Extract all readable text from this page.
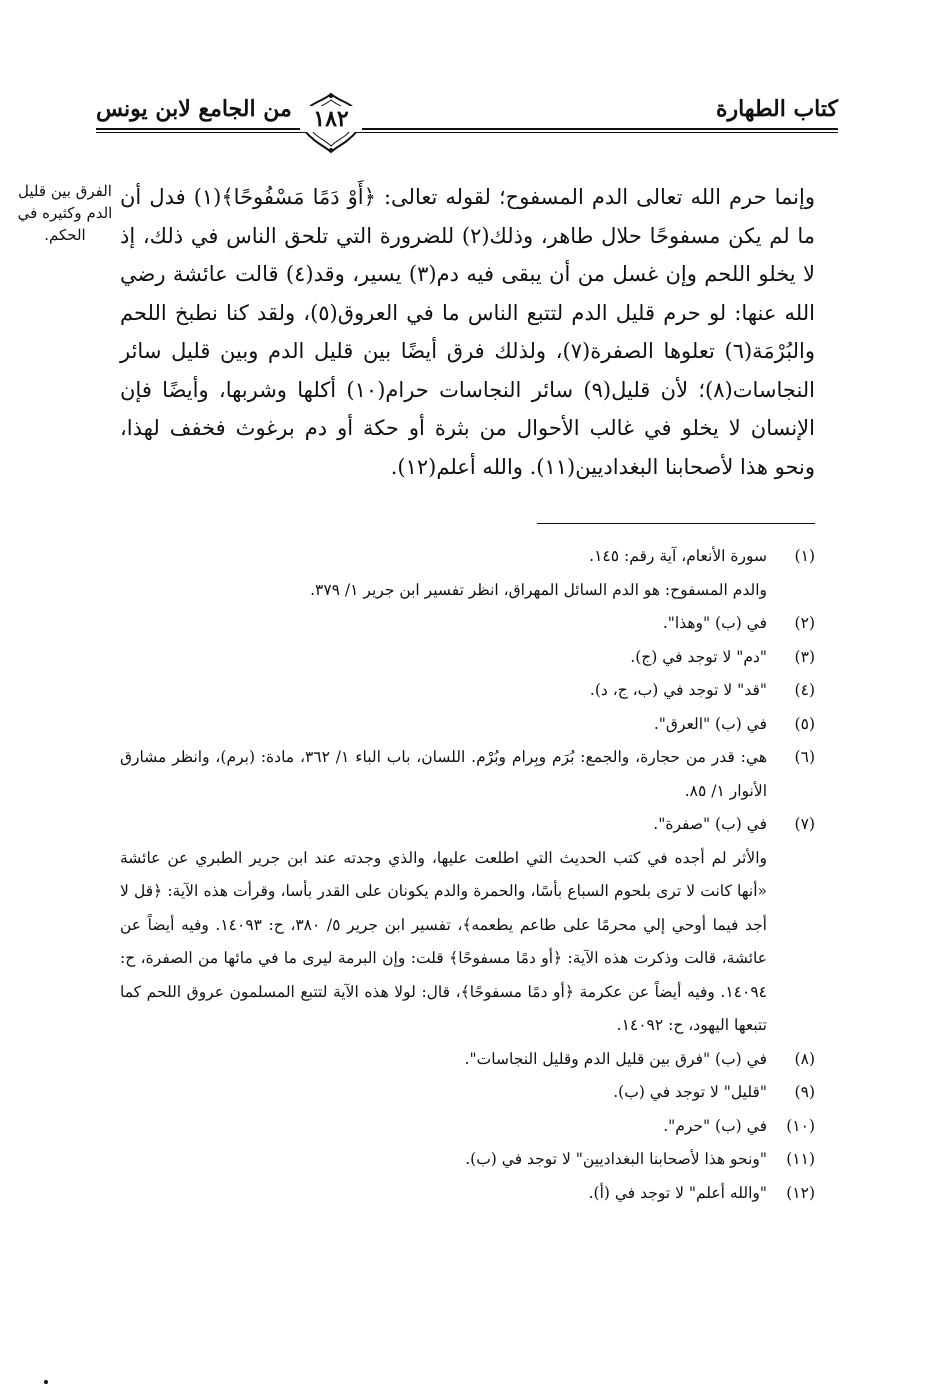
كتاب الطهارة
من الجامع لابن يونس ١٨٢
الفرق بين قليل الدم وكثيره في الحكم.

وإنما حرم الله تعالى الدم المسفوح؛ لقوله تعالى: ﴿أَوْ دَمًا مَسْفُوحًا﴾(١) فدل أن ما لم يكن مسفوحًا حلال طاهر، وذلك(٢) للضرورة التي تلحق الناس في ذلك، إذ لا يخلو اللحم وإن غسل من أن يبقى فيه دم(٣) يسير، وقد(٤) قالت عائشة رضي الله عنها: لو حرم قليل الدم لتتبع الناس ما في العروق(٥)، ولقد كنا نطبخ اللحم والبُرْمَة(٦) تعلوها الصفرة(٧)، ولذلك فرق أيضًا بين قليل الدم وبين قليل سائر النجاسات(٨)؛ لأن قليل(٩) سائر النجاسات حرام(١٠) أكلها وشربها، وأيضًا فإن الإنسان لا يخلو في غالب الأحوال من بثرة أو حكة أو دم برغوث فخفف لهذا، ونحو هذا لأصحابنا البغداديين(١١). والله أعلم(١٢).

(١)
سورة الأنعام، آية رقم: ١٤٥.
والدم المسفوح: هو الدم السائل المهراق، انظر تفسير ابن جرير ١/ ٣٧٩.
(٢)
في (ب) "وهذا".
(٣)
"دم" لا توجد في (ج).
(٤)
"قد" لا توجد في (ب، ج، د).
(٥)
في (ب) "العرق".
(٦)
هي: قدر من حجارة، والجمع: بُرَم وبِرام وبُرْم. اللسان، باب الباء ١/ ٣٦٢، مادة: (برم)، وانظر مشارق الأنوار ١/ ٨٥.
(٧)
في (ب) "صفرة".
والأثر لم أجده في كتب الحديث التي اطلعت عليها، والذي وجدته عند ابن جرير الطبري عن عائشة «أنها كانت لا ترى بلحوم السباع بأسًا، والحمرة والدم يكونان على القدر بأسا، وقرأت هذه الآية: ﴿قل لا أجد فيما أوحي إلي محرمًا على طاعم يطعمه﴾، تفسير ابن جرير ٥/ ٣٨٠، ح: ١٤٠٩٣. وفيه أيضاً عن عائشة، قالت وذكرت هذه الآية: ﴿أو دمًا مسفوحًا﴾ قلت: وإن البرمة ليرى ما في مائها من الصفرة، ح: ١٤٠٩٤. وفيه أيضاً عن عكرمة ﴿أو دمًا مسفوحًا﴾، قال: لولا هذه الآية لتتبع المسلمون عروق اللحم كما تتبعها اليهود، ح: ١٤٠٩٢.
(٨)
في (ب) "فرق بين قليل الدم وقليل النجاسات".
(٩)
"قليل" لا توجد في (ب).
(١٠)
في (ب) "حرم".
(١١)
"ونحو هذا لأصحابنا البغداديين" لا توجد في (ب).
(١٢)
"والله أعلم" لا توجد في (أ).
